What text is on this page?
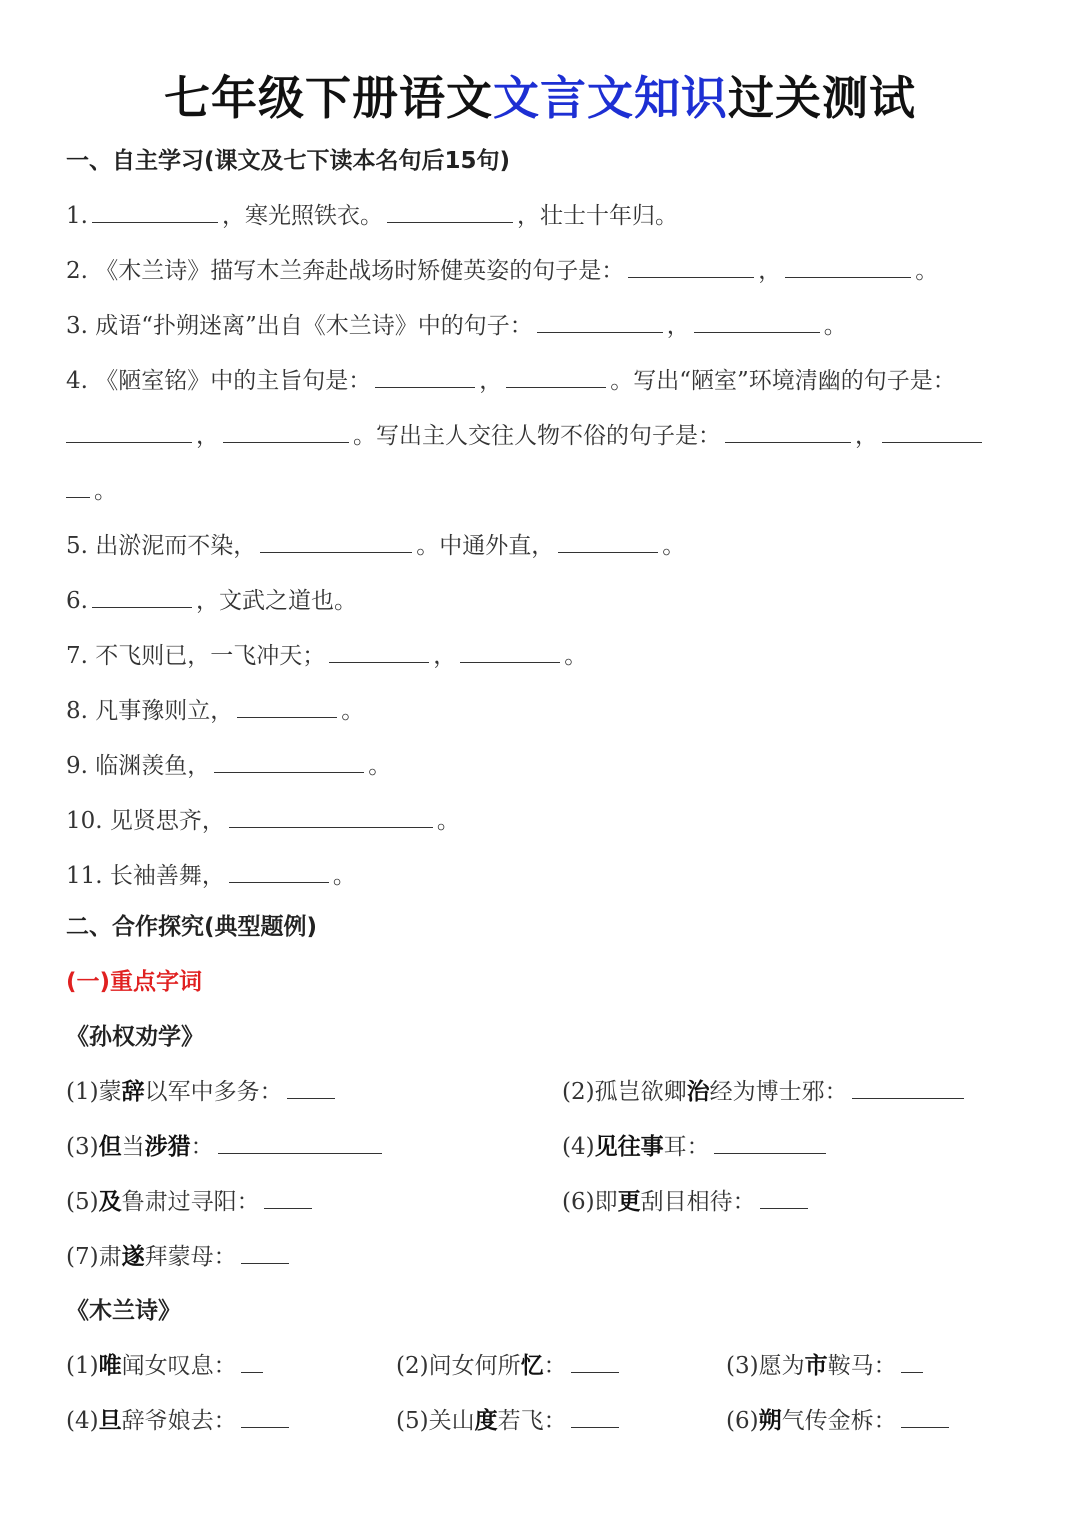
七年级下册语文文言文知识过关测试
一、自主学习(课文及七下读本名句后15句)
1.	，寒光照铁衣。	，壮士十年归。
2. 《木兰诗》描写木兰奔赴战场时矫健英姿的句子是：	，	。
3. 成语“扑朔迷离”出自《木兰诗》中的句子：	，	。
4. 《陋室铭》中的主旨句是：	，	。写出“陋室”环境清幽的句子是：
，	。写出主人交往人物不俗的句子是：	，
。
5. 出淤泥而不染，	。中通外直，	。
6.	，文武之道也。
7. 不飞则已，一飞冲天；	，	。
8. 凡事豫则立，	。
9. 临渊羡鱼，	。
10. 见贤思齐，	。
11. 长袖善舞，	。
二、合作探究(典型题例)
(一)重点字词
《孙权劝学》
(1)蒙辞以军中多务：	(2)孤岂欲卿治经为博士邪：
(3)但当涉猎：	(4)见往事耳：
(5)及鲁肃过寻阳：	(6)即更刮目相待：
(7)肃遂拜蒙母：
《木兰诗》
(1)唯闻女叹息：	(2)问女何所忆：	(3)愿为市鞍马：
(4)旦辞爷娘去：	(5)关山度若飞：	(6)朔气传金柝：
